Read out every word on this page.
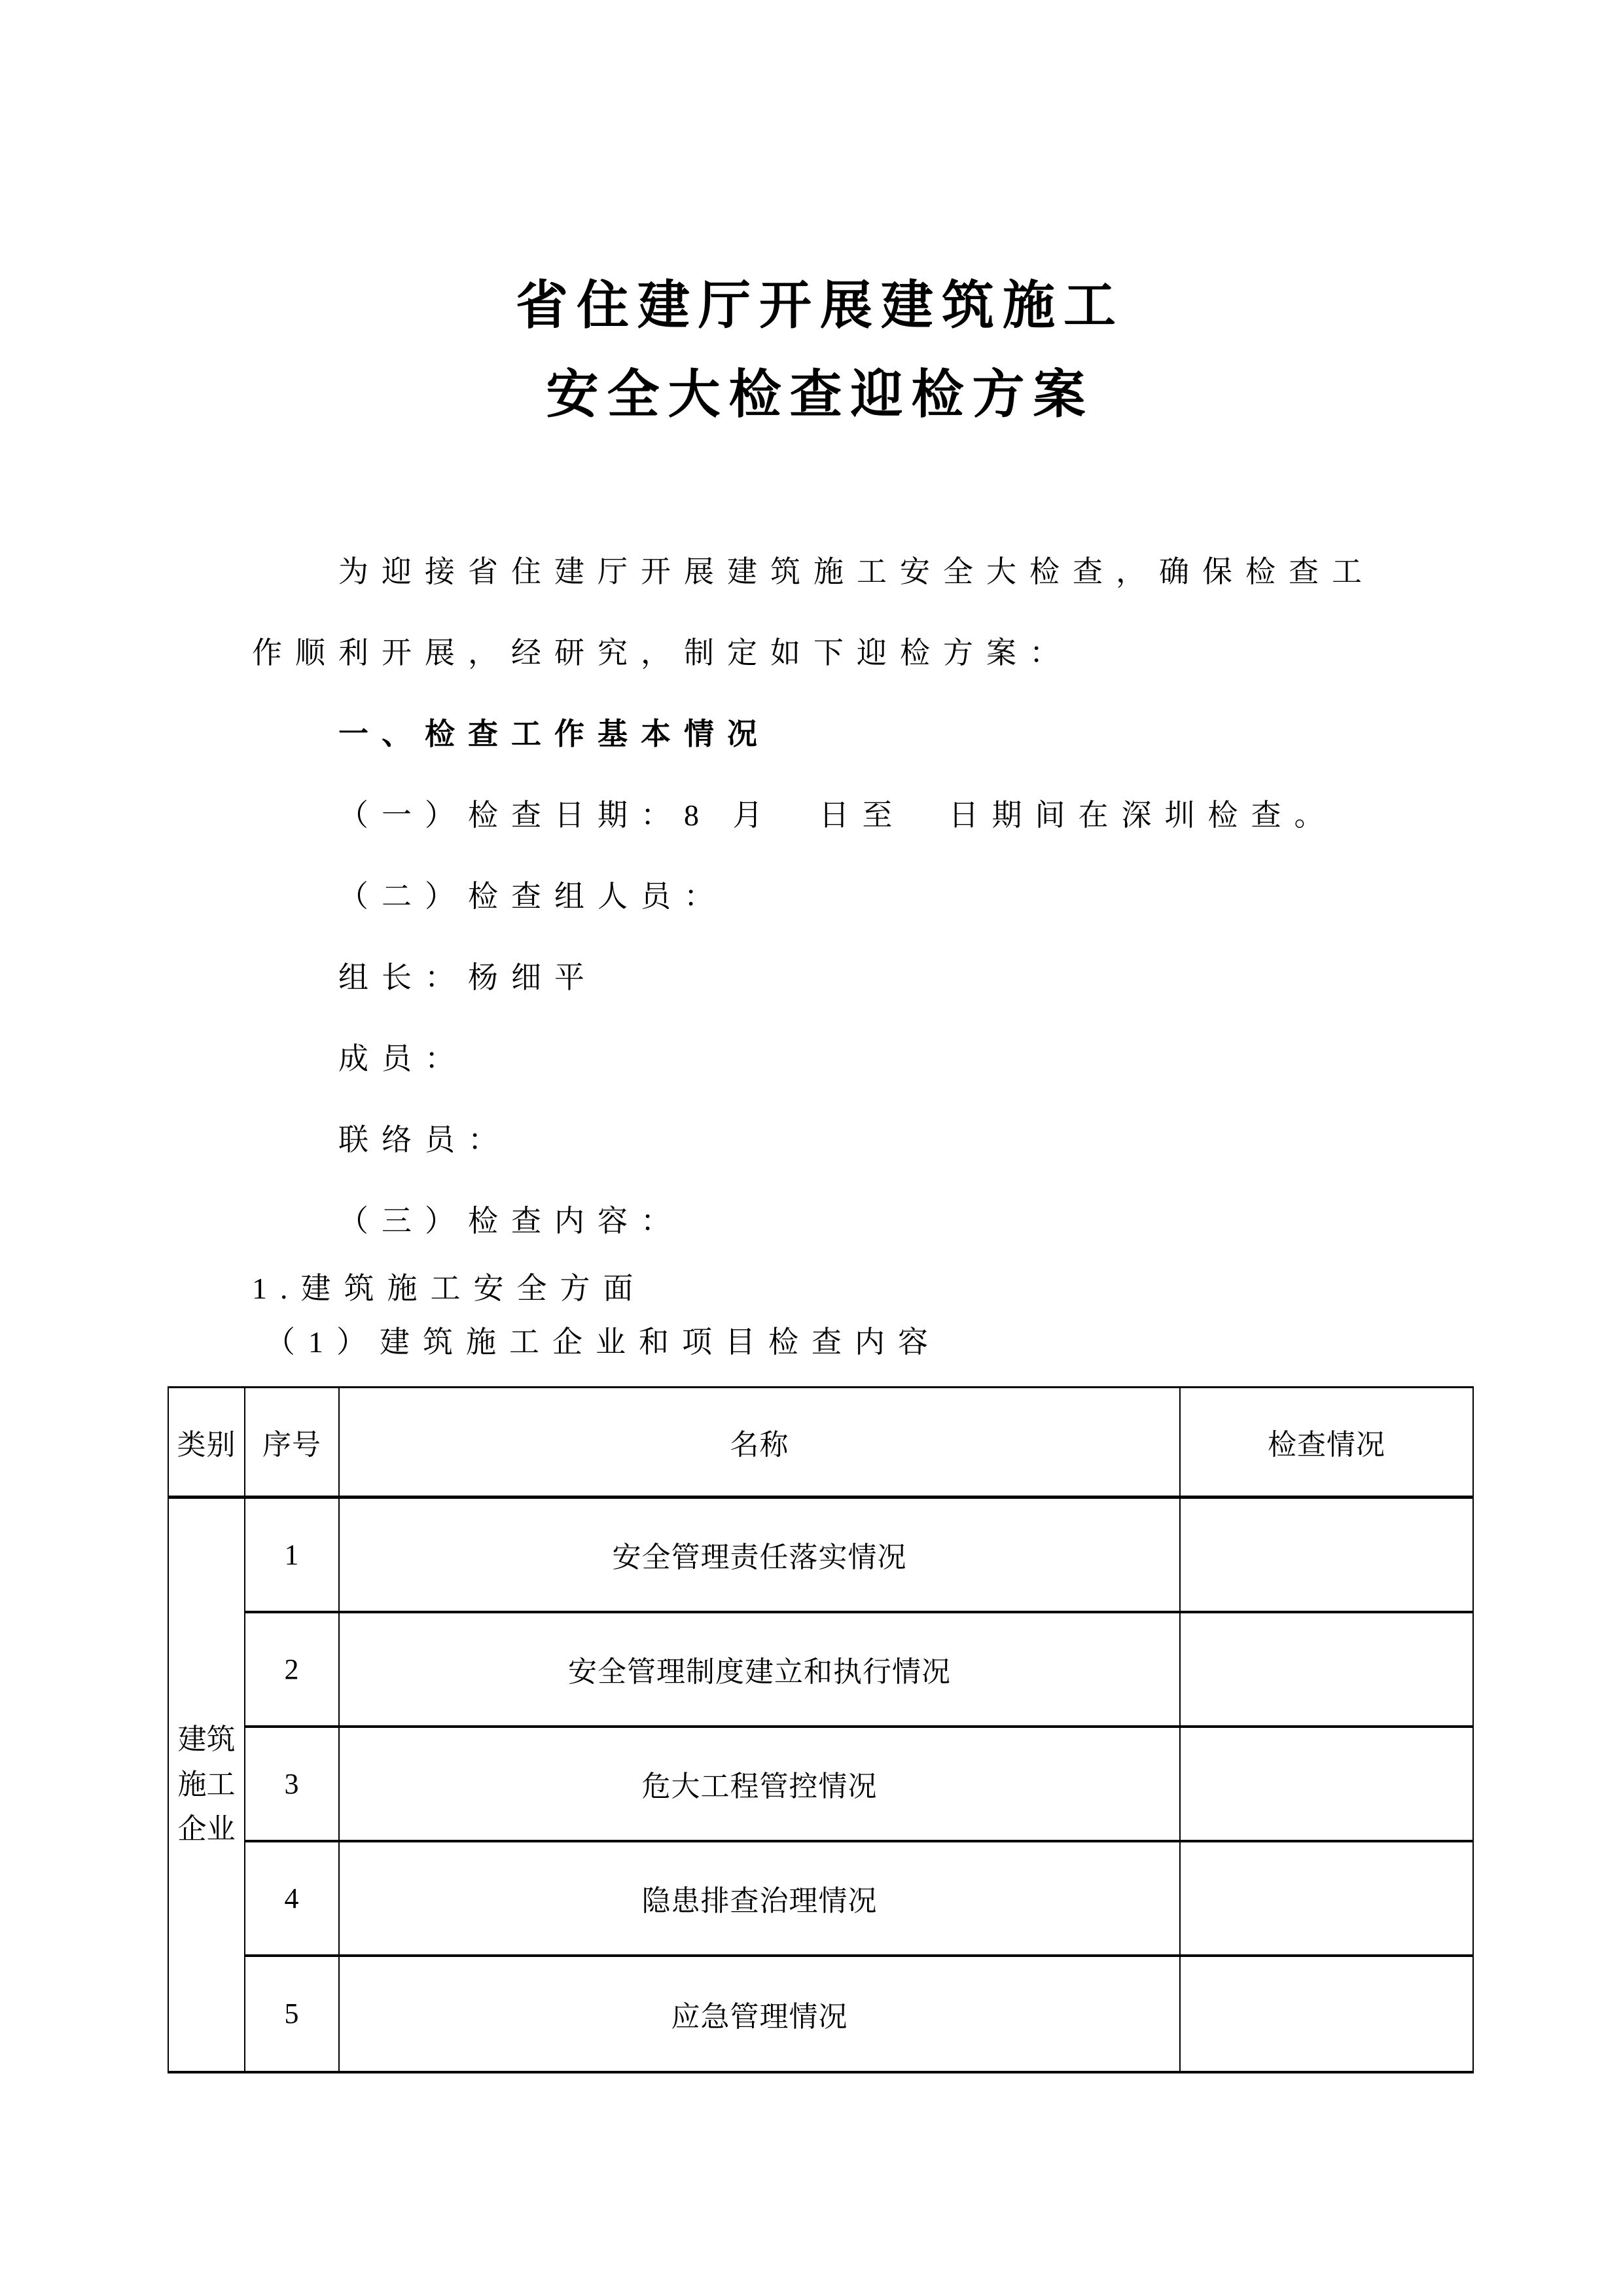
省住建厅开展建筑施工
安全大检查迎检方案
为迎接省住建厅开展建筑施工安全大检查，确保检查工
作顺利开展，经研究，制定如下迎检方案：
一、检查工作基本情况
（一）检查日期：8 月　日至　日期间在深圳检查。
（二）检查组人员：
组长：杨细平
成员：
联络员：
（三）检查内容：
1.建筑施工安全方面
（1）建筑施工企业和项目检查内容
类别	序号	名称	检查情况

建筑施工企业	1	安全管理责任落实情况	
	2	安全管理制度建立和执行情况	
	3	危大工程管控情况	
	4	隐患排查治理情况	
	5	应急管理情况	
